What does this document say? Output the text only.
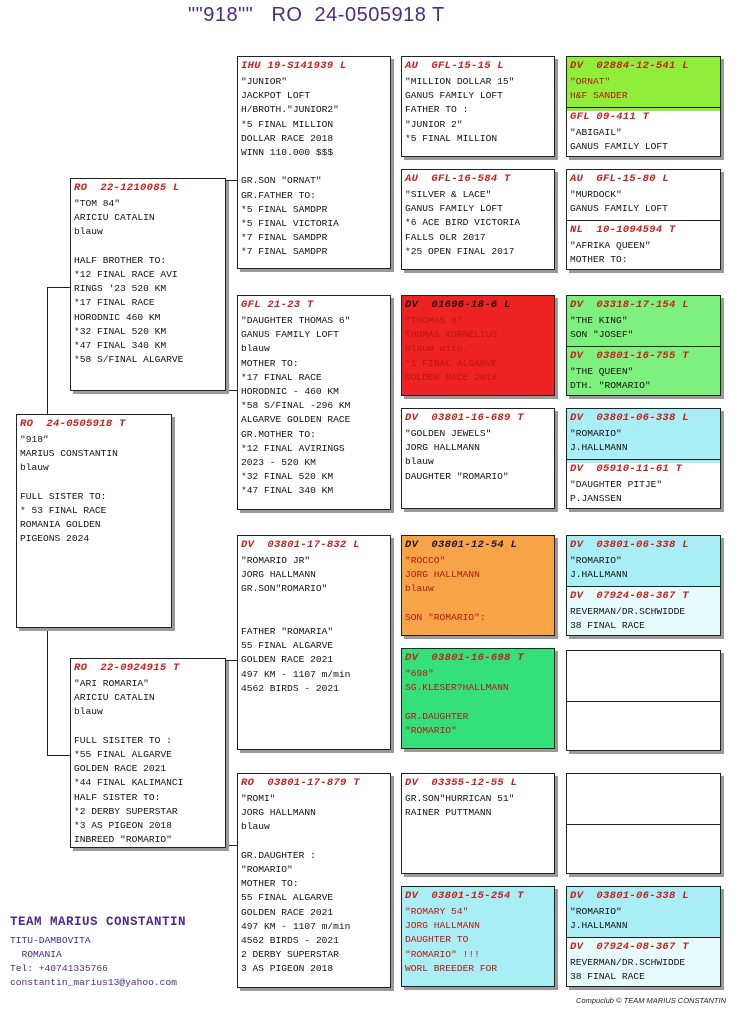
""918""   RO  24-0505918 T
RO  24-0505918 T
"918"
MARIUS CONSTANTIN
blauw

FULL SISTER TO:
* 53 FINAL RACE
ROMANIA GOLDEN
PIGEONS 2024
RO  22-1210085 L
"TOM 84"
ARICIU CATALIN
blauw

HALF BROTHER TO:
*12 FINAL RACE AVI
RINGS '23 520 KM
*17 FINAL RACE
HORODNIC 460 KM
*32 FINAL 520 KM
*47 FINAL 340 KM
*58 S/FINAL ALGARVE
RO  22-0924915 T
"ARI ROMARIA"
ARICIU CATALIN
blauw

FULL SISITER TO :
*55 FINAL ALGARVE
GOLDEN RACE 2021
*44 FINAL KALIMANCI
HALF SISTER TO:
*2 DERBY SUPERSTAR
*3 AS PIGEON 2018
INBREED "ROMARIO"
IHU 19-S141939 L
"JUNIOR"
JACKPOT LOFT
H/BROTH."JUNIOR2"
*5 FINAL MILLION
DOLLAR RACE 2018
WINN 110.000 $$$

GR.SON "ORNAT"
GR.FATHER TO:
*5 FINAL SAMDPR
*5 FINAL VICTORIA
*7 FINAL SAMDPR
*7 FINAL SAMDPR
GFL 21-23 T
"DAUGHTER THOMAS 6"
GANUS FAMILY LOFT
blauw
MOTHER TO:
*17 FINAL RACE
HORODNIC - 460 KM
*58 S/FINAL -296 KM
ALGARVE GOLDEN RACE
GR.MOTHER TO:
*12 FINAL AVIRINGS
2023 - 520 KM
*32 FINAL 520 KM
*47 FINAL 340 KM
DV  03801-17-832 L
"ROMARIO JR"
JORG HALLMANN
GR.SON"ROMARIO"

FATHER "ROMARIA"
55 FINAL ALGARVE
GOLDEN RACE 2021
497 KM - 1107 m/min
4562 BIRDS - 2021
RO  03801-17-879 T
"ROMI"
JORG HALLMANN
blauw

GR.DAUGHTER :
"ROMARIO"
MOTHER TO:
55 FINAL ALGARVE
GOLDEN RACE 2021
497 KM - 1107 m/min
4562 BIRDS - 2021
2 DERBY SUPERSTAR
3 AS PIGEON 2018
AU  GFL-15-15 L
"MILLION DOLLAR 15"
GANUS FAMILY LOFT
FATHER TO :
"JUNIOR 2"
*5 FINAL MILLION
AU  GFL-16-584 T
"SILVER & LACE"
GANUS FAMILY LOFT
*6 ACE BIRD VICTORIA
FALLS OLR 2017
*25 OPEN FINAL 2017
DV  01696-18-6 L
"THOMAS 6"
THOMAS KORNELIUS
blauw witp.
*1 FINAL ALGARVE
GOLDEN RACE 2018
DV  03801-16-689 T
"GOLDEN JEWELS"
JORG HALLMANN
blauw
DAUGHTER "ROMARIO"
DV  03801-12-54 L
"ROCCO"
JORG HALLMANN
blauw

SON "ROMARIO":
DV  03801-16-698 T
"698"
SG.KLESER?HALLMANN

GR.DAUGHTER
"ROMARIO"
DV  03355-12-55 L
GR.SON"HURRICAN 51"
RAINER PUTTMANN
DV  03801-15-254 T
"ROMARY 54"
JORG HALLMANN
DAUGHTER TO
"ROMARIO" !!!
WORL BREEDER FOR
DV  02884-12-541 L
"ORNAT"
H&F SANDER
GFL 09-411 T
"ABIGAIL"
GANUS FAMILY LOFT
AU  GFL-15-80 L
"MURDOCK"
GANUS FAMILY LOFT
NL  10-1094594 T
"AFRIKA QUEEN"
MOTHER TO:
DV  03318-17-154 L
"THE KING"
SON "JOSEF"
DV  03801-16-755 T
"THE QUEEN"
DTH. "ROMARIO"
DV  03801-06-338 L
"ROMARIO"
J.HALLMANN
DV  05910-11-61 T
"DAUGHTER PITJE"
P.JANSSEN
DV  03801-06-338 L
"ROMARIO"
J.HALLMANN
DV  07924-08-367 T
REVERMAN/DR.SCHWIDDE
38 FINAL RACE
DV  03801-06-338 L
"ROMARIO"
J.HALLMANN
DV  07924-08-367 T
REVERMAN/DR.SCHWIDDE
38 FINAL RACE
TEAM MARIUS CONSTANTIN
TITU-DAMBOVITA
ROMANIA
Tel: +40741335766
constantin_marius13@yahoo.com
Compuclub © TEAM MARIUS CONSTANTIN
